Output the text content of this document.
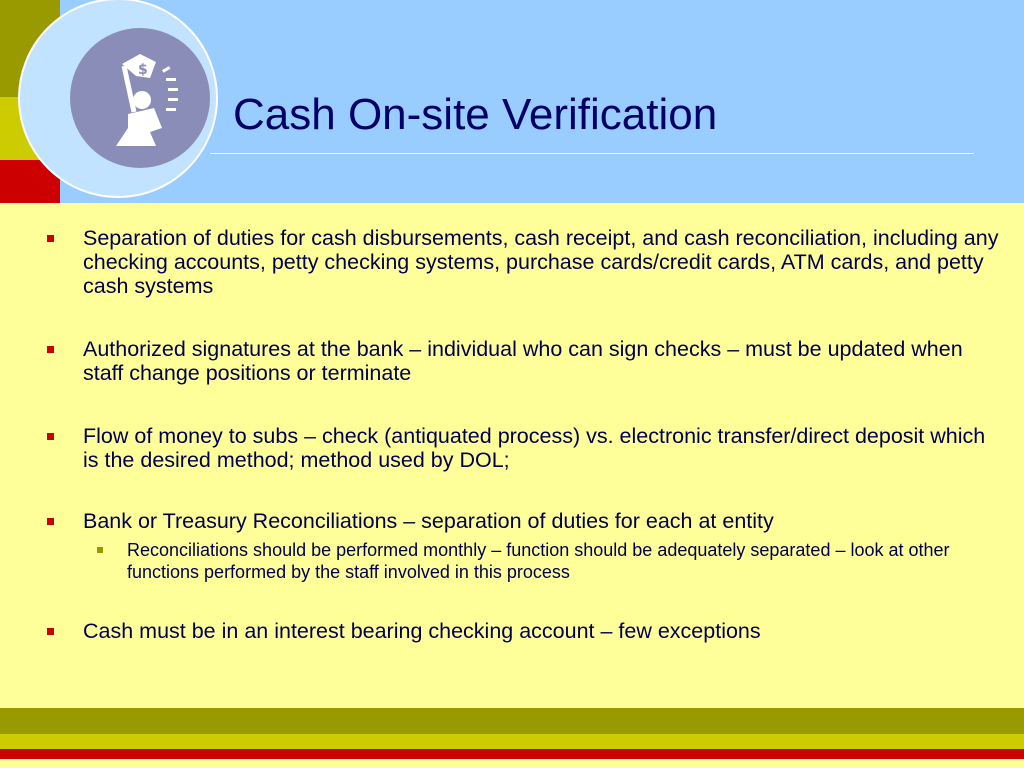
$
Cash On-site Verification
Separation of duties for cash disbursements, cash receipt, and cash reconciliation, including any checking accounts, petty checking systems, purchase cards/credit cards, ATM cards, and petty cash systems
Authorized signatures at the bank – individual who can sign checks – must be updated when staff change positions or terminate
Flow of money to subs – check (antiquated process) vs. electronic transfer/direct deposit which is the desired method; method used by DOL;
Bank or Treasury Reconciliations – separation of duties for each at entity
Reconciliations should be performed monthly – function should be adequately separated – look at other functions performed by the staff involved in this process
Cash must be in an interest bearing checking account – few exceptions
